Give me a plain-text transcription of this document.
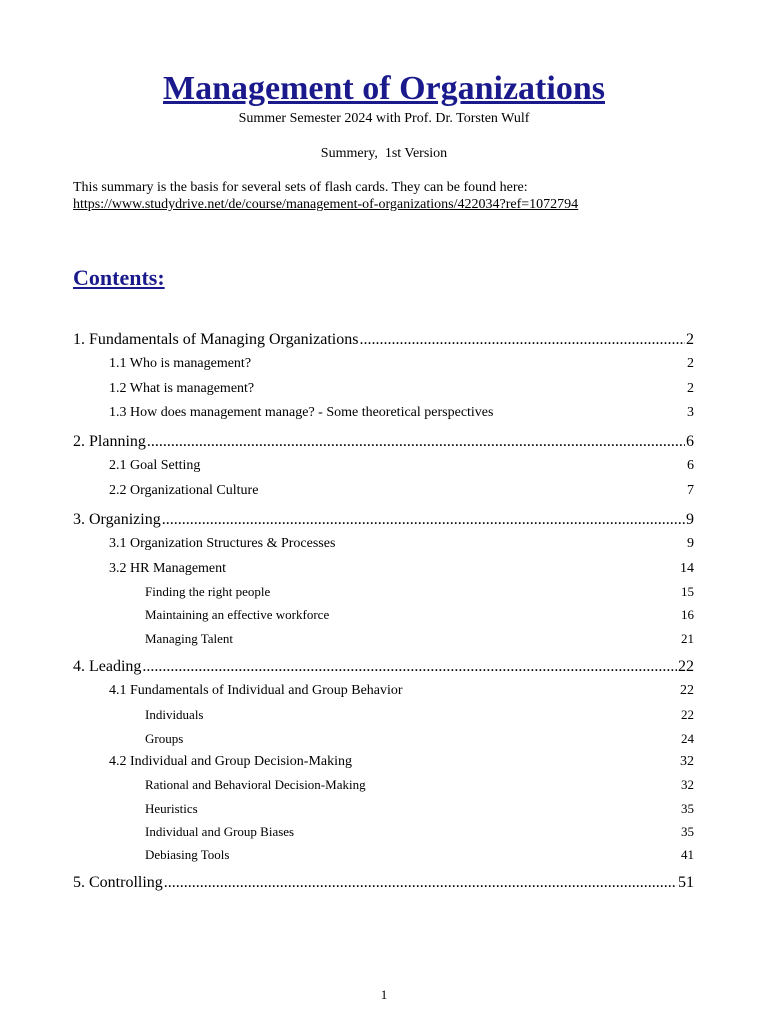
Management of Organizations
Summer Semester 2024 with Prof. Dr. Torsten Wulf
Summery,  1st Version
This summary is the basis for several sets of flash cards. They can be found here:
https://www.studydrive.net/de/course/management-of-organizations/422034?ref=1072794
Contents:
1. Fundamentals of Managing Organizations .....	2
1.1 Who is management?	2
1.2 What is management?	2
1.3 How does management manage? - Some theoretical perspectives	3
2. Planning .....	6
2.1 Goal Setting	6
2.2 Organizational Culture	7
3. Organizing .....	9
3.1 Organization Structures & Processes	9
3.2 HR Management	14
Finding the right people	15
Maintaining an effective workforce	16
Managing Talent	21
4. Leading .....	22
4.1 Fundamentals of Individual and Group Behavior	22
Individuals	22
Groups	24
4.2 Individual and Group Decision-Making	32
Rational and Behavioral Decision-Making	32
Heuristics	35
Individual and Group Biases	35
Debiasing Tools	41
5. Controlling .....	51
1
